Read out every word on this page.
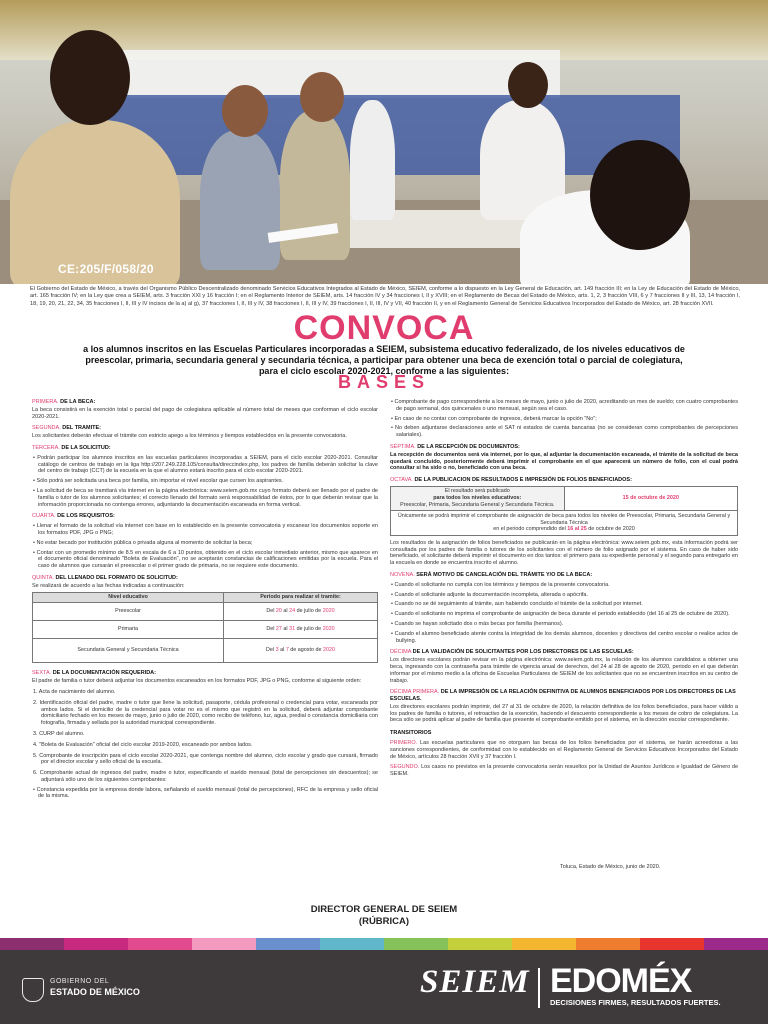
CE:205/F/058/20
El Gobierno del Estado de México, a través del Organismo Público Descentralizado denominado Servicios Educativos Integrados al Estado de México, SEIEM, conforme a lo dispuesto en la Ley General de Educación, art. 149 fracción III; en la Ley de Educación del Estado de México, art. 165 fracción IV; en la Ley que crea a SEIEM, arts. 3 fracción XXI y 16 fracción I; en el Reglamento Interior de SEIEM, arts. 14 fracción IV y 34 fracciones I, II y XVIII; en el Reglamento de Becas del Estado de México, arts. 1, 2, 3 fracción VIII, 6 y 7 fracciones II y III, 13, 14 fracción I, 18, 19, 20, 21, 22, 34, 35 fracciones I, II, III y IV incisos de la a) al g), 37 fracciones I, II, III y IV, 38 fracciones I, II, III y IV, 39 fracciones I, II, III, IV y VII, 40 fracción II, y en el Reglamento General de Servicios Educativos Incorporados del Estado de México, art. 28 fracción XVII.
CONVOCA
a los alumnos inscritos en las Escuelas Particulares incorporadas a SEIEM, subsistema educativo federalizado, de los niveles educativos de preescolar, primaria, secundaria general y secundaria técnica, a participar para obtener una beca de exención total o parcial de colegiatura, para el ciclo escolar 2020-2021, conforme a las siguientes:
BASES
PRIMERA. DE LA BECA:
La beca consistirá en la exención total o parcial del pago de colegiatura aplicable al número total de meses que conforman el ciclo escolar 2020-2021.
SEGUNDA. DEL TRAMITE:
Los solicitantes deberán efectuar el trámite con estricto apego a los términos y tiempos establecidos en la presente convocatoria.
TERCERA. DE LA SOLICITUD:
• Podrán participar los alumnos inscritos en las escuelas particulares incorporadas a SEIEM, para el ciclo escolar 2020-2021. Consultar catálogo de centros de trabajo en la liga http://207.249.228.105/consulta/direccindex.php, los padres de familia deberán solicitar la clave del centro de trabajo (CCT) de la escuela en la que el alumno estará inscrito para el ciclo escolar 2020-2021.
• Sólo podrá ser solicitada una beca por familia, sin importar el nivel escolar que cursen los aspirantes.
• La solicitud de beca se tramitará vía internet en la página electrónica: www.seiem.gob.mx cuyo formato deberá ser llenado por el padre de familia o tutor de los alumnos solicitantes; el correcto llenado del formato será responsabilidad de éstos, por lo que deberán revisar que la información proporcionada no contenga errores, adjuntando la documentación escaneada en forma vertical.
CUARTA. DE LOS REQUISITOS:
• Llenar el formato de la solicitud vía internet con base en lo establecido en la presente convocatoria y escanear los documentos soporte en los formatos PDF, JPG o PNG;
• No estar becado por institución pública o privada alguna al momento de solicitar la beca;
• Contar con un promedio mínimo de 8.5 en escala de 6 a 10 puntos, obtenido en el ciclo escolar inmediato anterior, mismo que aparece en el documento oficial denominado "Boleta de Evaluación", no se aceptarán constancias de calificaciones emitidas por la escuela. Para el caso de alumnos que cursarán el preescolar o el primer grado de primaria, no se requiere este documento.
QUINTA. DEL LLENADO DEL FORMATO DE SOLICITUD:
Se realizará de acuerdo a las fechas indicadas a continuación:
Nivel educativo	Periodo para realizar el tramite:
Preescolar	Del 20 al 24 de julio de 2020
Primaria	Del 27 al 31 de julio de 2020
Secundaria General y Secundaria Técnica	Del 3 al 7 de agosto de 2020
SEXTA. DE LA DOCUMENTACIÓN REQUERIDA:
El padre de familia o tutor deberá adjuntar los documentos escaneados en los formatos PDF, JPG o PNG, conforme al siguiente orden:
1. Acta de nacimiento del alumno.
2. Identificación oficial del padre, madre o tutor que llene la solicitud, pasaporte, cédula profesional o credencial para votar, escaneada por ambos lados. Si el domicilio de la credencial para votar no es el mismo que registró en la solicitud, deberá adjuntar comprobante domiciliario fechado en los meses de mayo, junio o julio de 2020, como recibo de teléfono, luz, agua, predial o constancia domiciliaria con fotografía, firmada y sellada por la autoridad municipal correspondiente.
3. CURP del alumno.
4. "Boleta de Evaluación" oficial del ciclo escolar 2019-2020, escaneado por ambos lados.
5. Comprobante de inscripción para el ciclo escolar 2020-2021, que contenga nombre del alumno, ciclo escolar y grado que cursará, firmado por el director escolar y sello oficial de la escuela.
6. Comprobante actual de ingresos del padre, madre o tutor, especificando el sueldo mensual (total de percepciones sin descuentos); se adjuntará sólo uno de los siguientes comprobantes:
• Constancia expedida por la empresa donde labora, señalando el sueldo mensual (total de percepciones), RFC de la empresa y sello oficial de la misma.
• Comprobante de pago correspondiente a los meses de mayo, junio o julio de 2020, acreditando un mes de sueldo; con cuatro comprobantes de pago semanal, dos quincenales o uno mensual, según sea el caso.
• En caso de no contar con comprobante de ingresos, deberá marcar la opción "No";
• No deben adjuntarse declaraciones ante el SAT ni estados de cuenta bancarias (no se consideran como comprobantes de percepciones salariales).
SÉPTIMA. DE LA RECEPCIÓN DE DOCUMENTOS:
La recepción de documentos será vía internet, por lo que, al adjuntar la documentación escaneada, el trámite de la solicitud de beca quedará concluido, posteriormente deberá imprimir el comprobante en el que aparecerá un número de folio, con el cual podrá consultar si ha sido o no, beneficiado con una beca.
OCTAVA. DE LA PUBLICACION DE RESULTADOS E IMPRESIÓN DE FOLIOS BENEFICIADOS:
El resultado será publicado
para todos los niveles educativos:
Preescolar, Primaria, Secundaria General y Secundaria Técnica.
	15 de octubre de 2020

Únicamente se podrá imprimir el comprobante de asignación de beca para todos los niveles de Preescolar, Primaria, Secundaria General y Secundaria Técnica
en el periodo comprendido del 16 al 25 de octubre de 2020
Los resultados de la asignación de folios beneficiados se publicarán en la página electrónica: www.seiem.gob.mx, esta información podrá ser consultada por los padres de familia o tutores de los solicitantes con el número de folio asignado por el sistema. En caso de haber sido beneficiado, el solicitante deberá imprimir el documento en dos tantos: el primero para su expediente personal y el segundo para entregarlo en la escuela en donde se encuentra inscrito el alumno.
NOVENA. SERÁ MOTIVO DE CANCELACIÓN DEL TRÁMITE Y/O DE LA BECA:
• Cuando el solicitante no cumpla con los términos y tiempos de la presente convocatoria.
• Cuando el solicitante adjunte la documentación incompleta, alterada o apócrifa.
• Cuando no se dé seguimiento al trámite, aun habiendo concluido el trámite de la solicitud por internet.
• Cuando el solicitante no imprima el comprobante de asignación de beca durante el periodo establecido (del 16 al 25 de octubre de 2020).
• Cuando se hayan solicitado dos o más becas por familia (hermanos).
• Cuando el alumno beneficiado atente contra la integridad de los demás alumnos, docentes y directivos del centro escolar o realice actos de bullying.
DÉCIMA DE LA VALIDACIÓN DE SOLICITANTES POR LOS DIRECTORES DE LAS ESCUELAS:
Los directores escolares podrán revisar en la página electrónica: www.seiem.gob.mx, la relación de los alumnos candidatos a obtener una beca, ingresando con la contraseña para trámite de vigencia anual de derechos, del 24 al 28 de agosto de 2020, periodo en el que deberán informar por el mismo medio a la oficina de Escuelas Particulares de SEIEM de los solicitantes que no se encuentren inscritos en su centro de trabajo.
DÉCIMA PRIMERA. DE LA IMPRESIÓN DE LA RELACIÓN DEFINITIVA DE ALUMNOS BENEFICIADOS POR LOS DIRECTORES DE LAS ESCUELAS.
Los directores escolares podrán imprimir, del 27 al 31 de octubre de 2020, la relación definitiva de los folios beneficiados, para hacer válido a los padres de familia o tutores, el retroactivo de la exención, haciendo el descuento correspondiente a los meses de cobro de colegiatura. La beca sólo se podrá aplicar al padre de familia que presente el comprobante emitido por el sistema, en la dirección escolar correspondiente.
TRANSITORIOS
PRIMERO. Las escuelas particulares que no otorguen las becas de los folios beneficiados por el sistema, se harán acreedoras a las sanciones correspondientes, de conformidad con lo establecido en el Reglamento General de Servicios Educativos Incorporados del Estado de México, artículos 28 fracción XVII y 37 fracción I.
SEGUNDO. Los casos no previstos en la presente convocatoria serán resueltos por la Unidad de Asuntos Jurídicos e Igualdad de Género de SEIEM.
Toluca, Estado de México, junio de 2020.
DIRECTOR GENERAL DE SEIEM
(RÚBRICA)
GOBIERNO DEL
ESTADO DE MÉXICO	SEIEM EDOMÉX
DECISIONES FIRMES, RESULTADOS FUERTES.
